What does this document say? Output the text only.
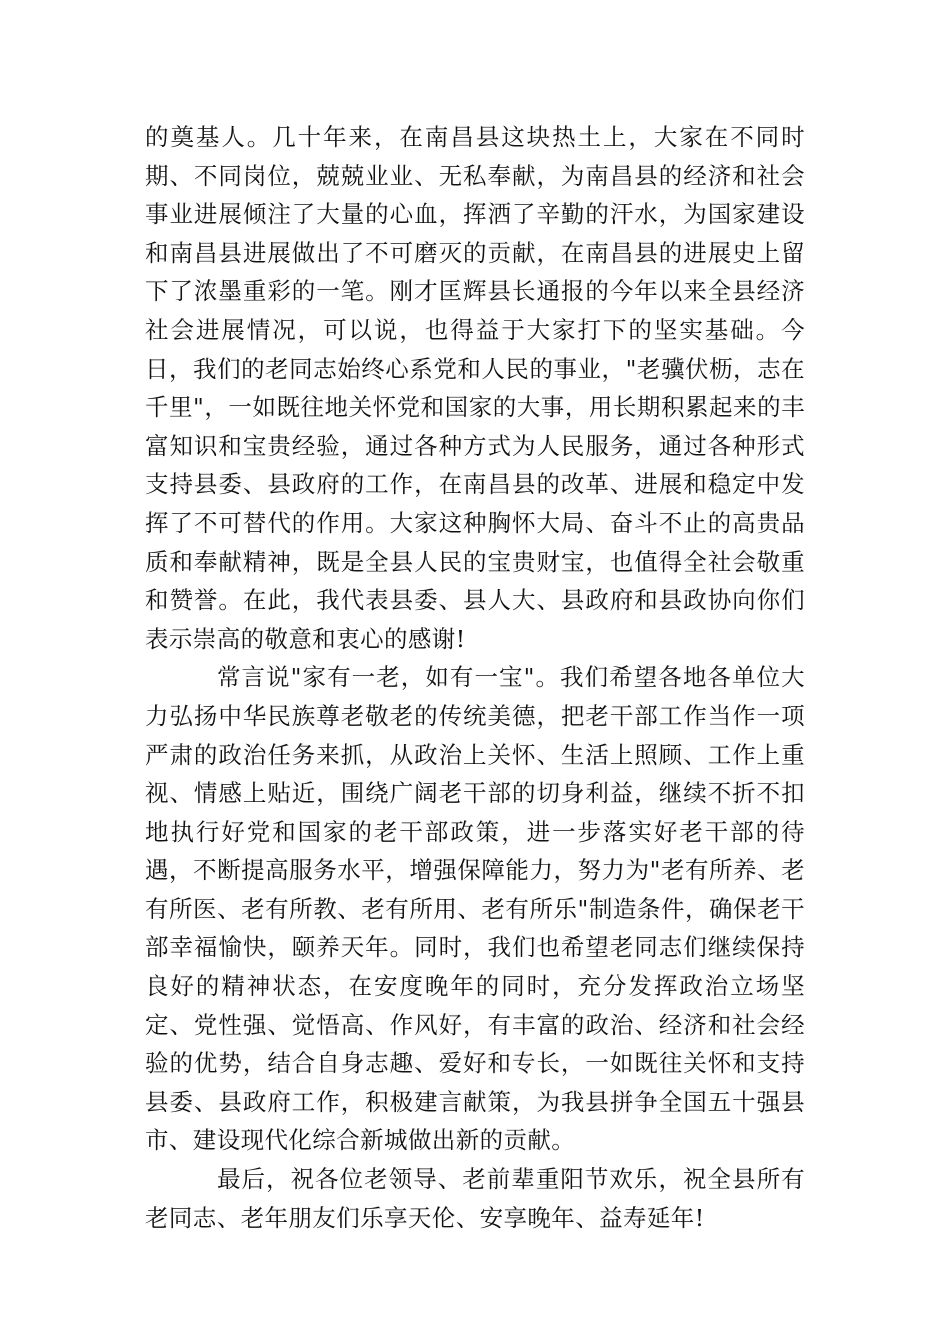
的奠基人。几十年来，在南昌县这块热土上，大家在不同时期、不同岗位，兢兢业业、无私奉献，为南昌县的经济和社会事业进展倾注了大量的心血，挥洒了辛勤的汗水，为国家建设和南昌县进展做出了不可磨灭的贡献，在南昌县的进展史上留下了浓墨重彩的一笔。刚才匡辉县长通报的今年以来全县经济社会进展情况，可以说，也得益于大家打下的坚实基础。今日，我们的老同志始终心系党和人民的事业，"老骥伏枥，志在千里"，一如既往地关怀党和国家的大事，用长期积累起来的丰富知识和宝贵经验，通过各种方式为人民服务，通过各种形式支持县委、县政府的工作，在南昌县的改革、进展和稳定中发挥了不可替代的作用。大家这种胸怀大局、奋斗不止的高贵品质和奉献精神，既是全县人民的宝贵财宝，也值得全社会敬重和赞誉。在此，我代表县委、县人大、县政府和县政协向你们表示崇高的敬意和衷心的感谢!

常言说"家有一老，如有一宝"。我们希望各地各单位大力弘扬中华民族尊老敬老的传统美德，把老干部工作当作一项严肃的政治任务来抓，从政治上关怀、生活上照顾、工作上重视、情感上贴近，围绕广阔老干部的切身利益，继续不折不扣地执行好党和国家的老干部政策，进一步落实好老干部的待遇，不断提高服务水平，增强保障能力，努力为"老有所养、老有所医、老有所教、老有所用、老有所乐"制造条件，确保老干部幸福愉快，颐养天年。同时，我们也希望老同志们继续保持良好的精神状态，在安度晚年的同时，充分发挥政治立场坚定、党性强、觉悟高、作风好，有丰富的政治、经济和社会经验的优势，结合自身志趣、爱好和专长，一如既往关怀和支持县委、县政府工作，积极建言献策，为我县拼争全国五十强县市、建设现代化综合新城做出新的贡献。

最后，祝各位老领导、老前辈重阳节欢乐，祝全县所有老同志、老年朋友们乐享天伦、安享晚年、益寿延年!
